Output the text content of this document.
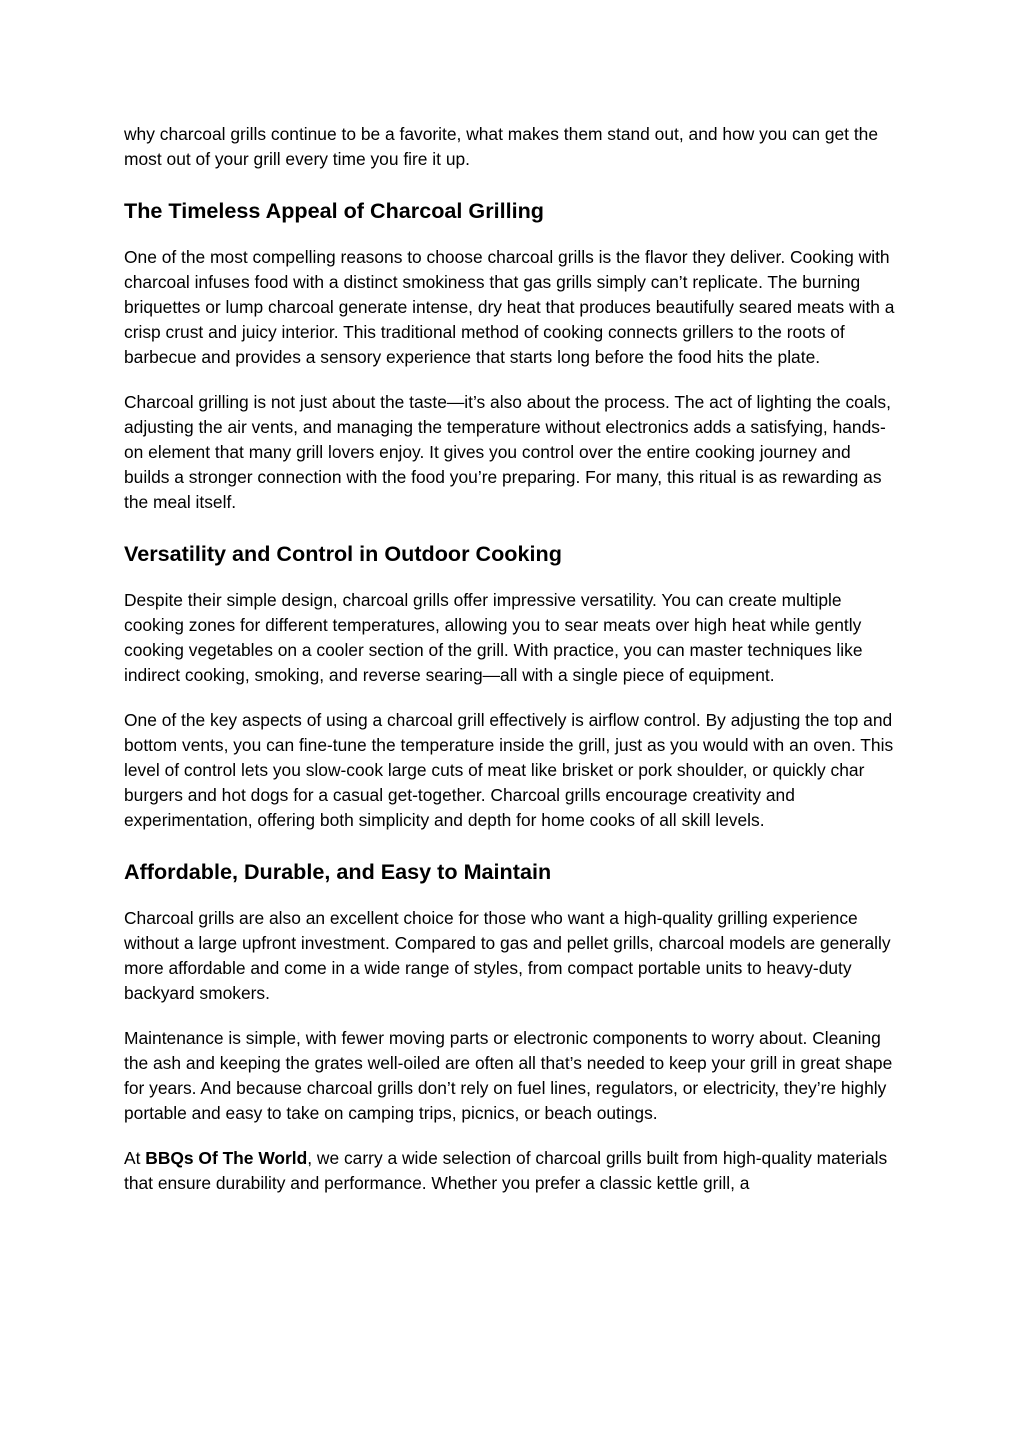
why charcoal grills continue to be a favorite, what makes them stand out, and how you can get the most out of your grill every time you fire it up.

The Timeless Appeal of Charcoal Grilling

One of the most compelling reasons to choose charcoal grills is the flavor they deliver. Cooking with charcoal infuses food with a distinct smokiness that gas grills simply can’t replicate. The burning briquettes or lump charcoal generate intense, dry heat that produces beautifully seared meats with a crisp crust and juicy interior. This traditional method of cooking connects grillers to the roots of barbecue and provides a sensory experience that starts long before the food hits the plate.

Charcoal grilling is not just about the taste—it’s also about the process. The act of lighting the coals, adjusting the air vents, and managing the temperature without electronics adds a satisfying, hands-on element that many grill lovers enjoy. It gives you control over the entire cooking journey and builds a stronger connection with the food you’re preparing. For many, this ritual is as rewarding as the meal itself.

Versatility and Control in Outdoor Cooking

Despite their simple design, charcoal grills offer impressive versatility. You can create multiple cooking zones for different temperatures, allowing you to sear meats over high heat while gently cooking vegetables on a cooler section of the grill. With practice, you can master techniques like indirect cooking, smoking, and reverse searing—all with a single piece of equipment.

One of the key aspects of using a charcoal grill effectively is airflow control. By adjusting the top and bottom vents, you can fine-tune the temperature inside the grill, just as you would with an oven. This level of control lets you slow-cook large cuts of meat like brisket or pork shoulder, or quickly char burgers and hot dogs for a casual get-together. Charcoal grills encourage creativity and experimentation, offering both simplicity and depth for home cooks of all skill levels.

Affordable, Durable, and Easy to Maintain

Charcoal grills are also an excellent choice for those who want a high-quality grilling experience without a large upfront investment. Compared to gas and pellet grills, charcoal models are generally more affordable and come in a wide range of styles, from compact portable units to heavy-duty backyard smokers.

Maintenance is simple, with fewer moving parts or electronic components to worry about. Cleaning the ash and keeping the grates well-oiled are often all that’s needed to keep your grill in great shape for years. And because charcoal grills don’t rely on fuel lines, regulators, or electricity, they’re highly portable and easy to take on camping trips, picnics, or beach outings.

At BBQs Of The World, we carry a wide selection of charcoal grills built from high-quality materials that ensure durability and performance. Whether you prefer a classic kettle grill, a
